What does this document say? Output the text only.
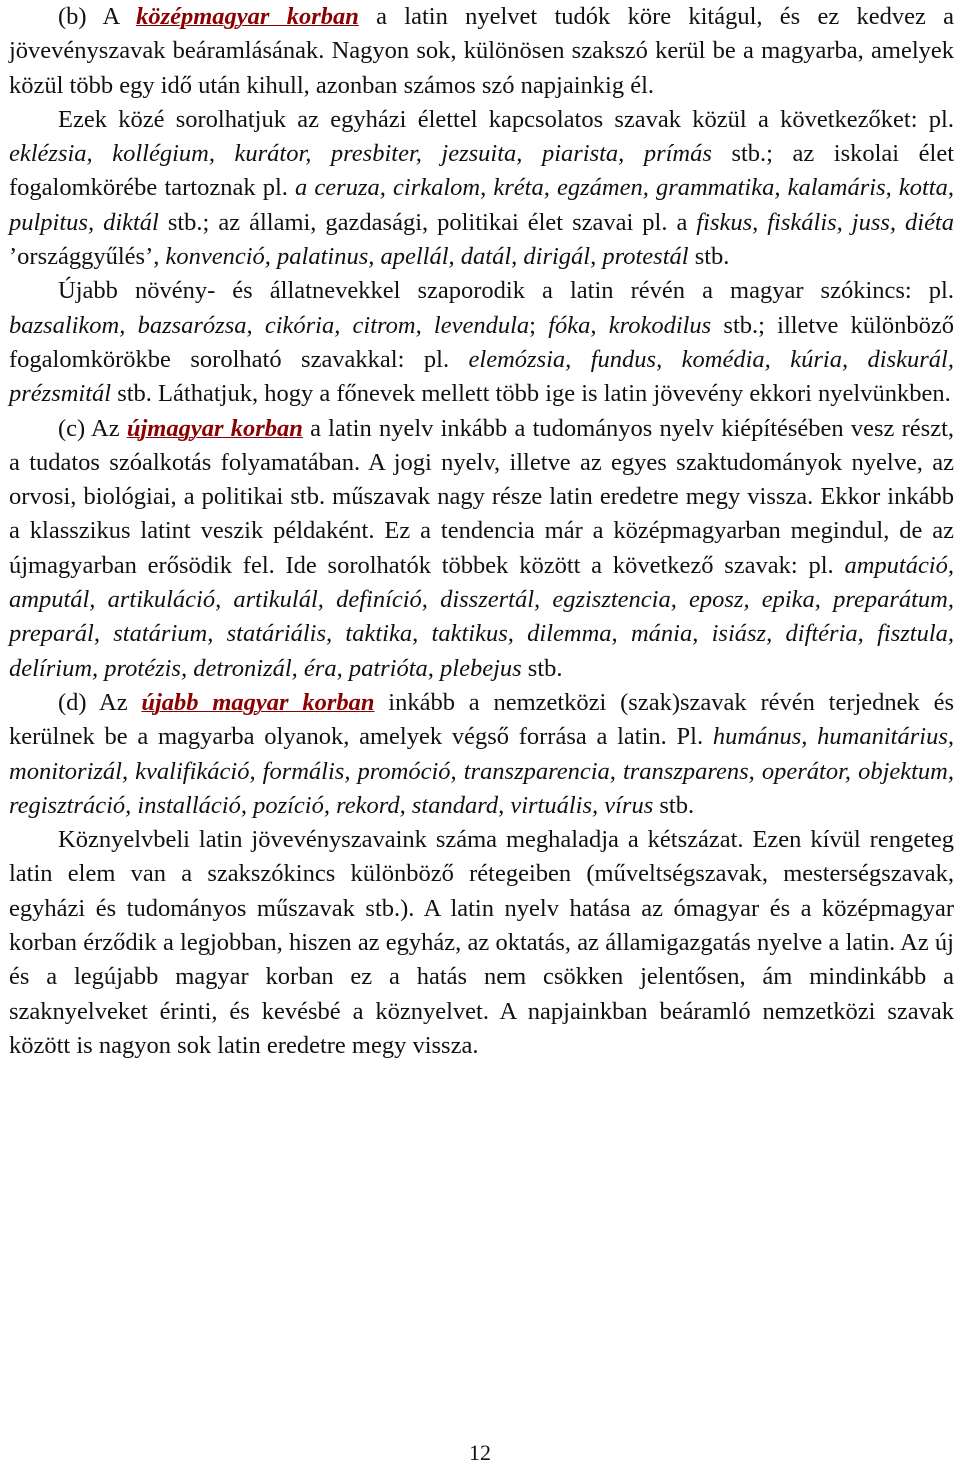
(b) A középmagyar korban a latin nyelvet tudók köre kitágul, és ez kedvez a jövevényszavak beáramlásának. Nagyon sok, különösen szakszó kerül be a magyarba, amelyek közül több egy idő után kihull, azonban számos szó napjainkig él.

Ezek közé sorolhatjuk az egyházi élettel kapcsolatos szavak közül a következőket: pl. eklézsia, kollégium, kurátor, presbiter, jezsuita, piarista, prímás stb.; az iskolai élet fogalomkörébe tartoznak pl. a ceruza, cirkalom, kréta, egzámen, grammatika, kalamáris, kotta, pulpitus, diktál stb.; az állami, gazdasági, politikai élet szavai pl. a fiskus, fiskális, juss, diéta ’országgyűlés’, konvenció, palatinus, apellál, datál, dirigál, protestál stb.

Újabb növény- és állatnevekkel szaporodik a latin révén a magyar szókincs: pl. bazsalikom, bazsarózsa, cikória, citrom, levendula; fóka, krokodilus stb.; illetve különböző fogalomkörökbe sorolható szavakkal: pl. elemózsia, fundus, komédia, kúria, diskurál, prézsmitál stb. Láthatjuk, hogy a főnevek mellett több ige is latin jövevény ekkori nyelvünkben.

(c) Az újmagyar korban a latin nyelv inkább a tudományos nyelv kiépítésében vesz részt, a tudatos szóalkotás folyamatában. A jogi nyelv, illetve az egyes szaktudományok nyelve, az orvosi, biológiai, a politikai stb. műszavak nagy része latin eredetre megy vissza. Ekkor inkább a klasszikus latint veszik példaként. Ez a tendencia már a középmagyarban megindul, de az újmagyarban erősödik fel. Ide sorolhatók többek között a következő szavak: pl. amputáció, amputál, artikuláció, artikulál, definíció, disszertál, egzisztencia, eposz, epika, preparátum, preparál, statárium, statáriális, taktika, taktikus, dilemma, mánia, isiász, diftéria, fisztula, delírium, protézis, detronizál, éra, patrióta, plebejus stb.

(d) Az újabb magyar korban inkább a nemzetközi (szak)szavak révén terjednek és kerülnek be a magyarba olyanok, amelyek végső forrása a latin. Pl. humánus, humanitárius, monitorizál, kvalifikáció, formális, promóció, transzparencia, transzparens, operátor, objektum, regisztráció, installáció, pozíció, rekord, standard, virtuális, vírus stb.

Köznyelvbeli latin jövevényszavaink száma meghaladja a kétszázat. Ezen kívül rengeteg latin elem van a szakszókincs különböző rétegeiben (műveltségszavak, mesterségszavak, egyházi és tudományos műszavak stb.). A latin nyelv hatása az ómagyar és a középmagyar korban érződik a legjobban, hiszen az egyház, az oktatás, az államigazgatás nyelve a latin. Az új és a legújabb magyar korban ez a hatás nem csökken jelentősen, ám mindinkább a szaknyelveket érinti, és kevésbé a köznyelvet. A napjainkban beáramló nemzetközi szavak között is nagyon sok latin eredetre megy vissza.

12
